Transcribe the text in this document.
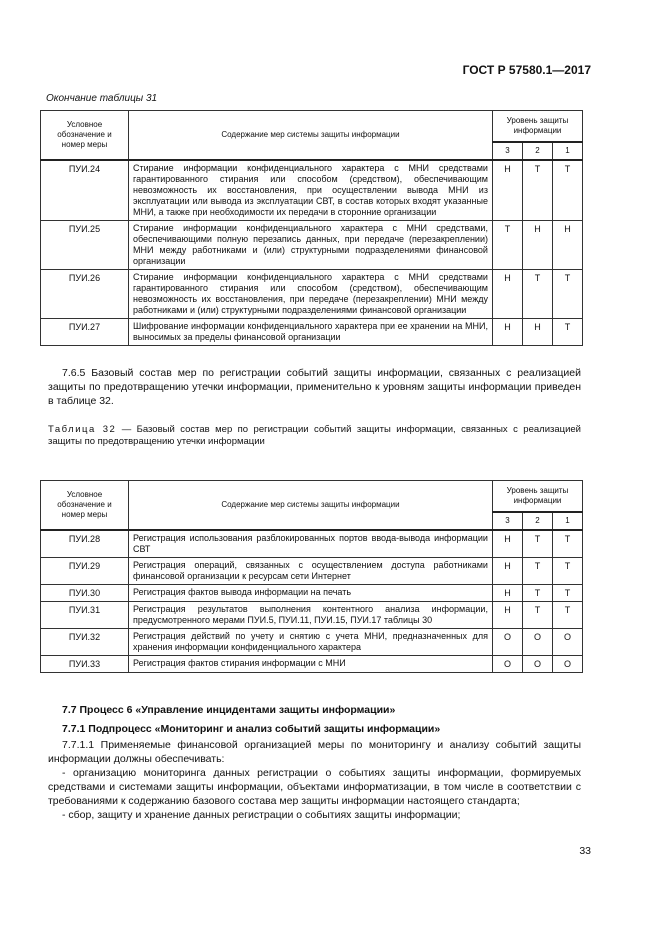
ГОСТ Р 57580.1—2017
Окончание таблицы 31
Условное обозначение и номер меры	Содержание мер системы защиты информации	Уровень защиты информации		
		3	2	1
ПУИ.24	Стирание информации конфиденциального характера с МНИ средствами гарантированного стирания или способом (средством), обеспечивающим невозможность их восстановления, при осуществлении вывода МНИ из эксплуатации или вывода из эксплуатации СВТ, в состав которых входят указанные МНИ, а также при необходимости их передачи в сторонние организации	Н	Т	Т
ПУИ.25	Стирание информации конфиденциального характера с МНИ средствами, обеспечивающими полную перезапись данных, при передаче (перезакреплении) МНИ между работниками и (или) структурными подразделениями финансовой организации	Т	Н	Н
ПУИ.26	Стирание информации конфиденциального характера с МНИ средствами гарантированного стирания или способом (средством), обеспечивающим невозможность их восстановления, при передаче (перезакреплении) МНИ между работниками и (или) структурными подразделениями финансовой организации	Н	Т	Т
ПУИ.27	Шифрование информации конфиденциального характера при ее хранении на МНИ, выносимых за пределы финансовой организации	Н	Н	Т
7.6.5 Базовый состав мер по регистрации событий защиты информации, связанных с реализацией защиты по предотвращению утечки информации, применительно к уровням защиты информации приведен в таблице 32.
Таблица 32 — Базовый состав мер по регистрации событий защиты информации, связанных с реализацией защиты по предотвращению утечки информации
Условное обозначение и номер меры	Содержание мер системы защиты информации	Уровень защиты информации		
		3	2	1
ПУИ.28	Регистрация использования разблокированных портов ввода-вывода информации СВТ	Н	Т	Т
ПУИ.29	Регистрация операций, связанных с осуществлением доступа работниками финансовой организации к ресурсам сети Интернет	Н	Т	Т
ПУИ.30	Регистрация фактов вывода информации на печать	Н	Т	Т
ПУИ.31	Регистрация результатов выполнения контентного анализа информации, предусмотренного мерами ПУИ.5, ПУИ.11, ПУИ.15, ПУИ.17 таблицы 30	Н	Т	Т
ПУИ.32	Регистрация действий по учету и снятию с учета МНИ, предназначенных для хранения информации конфиденциального характера	О	О	О
ПУИ.33	Регистрация фактов стирания информации с МНИ	О	О	О
7.7 Процесс 6 «Управление инцидентами защиты информации»
7.7.1 Подпроцесс «Мониторинг и анализ событий защиты информации»

7.7.1.1 Применяемые финансовой организацией меры по мониторингу и анализу событий защиты информации должны обеспечивать:

- организацию мониторинга данных регистрации о событиях защиты информации, формируемых средствами и системами защиты информации, объектами информатизации, в том числе в соответствии с требованиями к содержанию базового состава мер защиты информации настоящего стандарта;

- сбор, защиту и хранение данных регистрации о событиях защиты информации;

33
